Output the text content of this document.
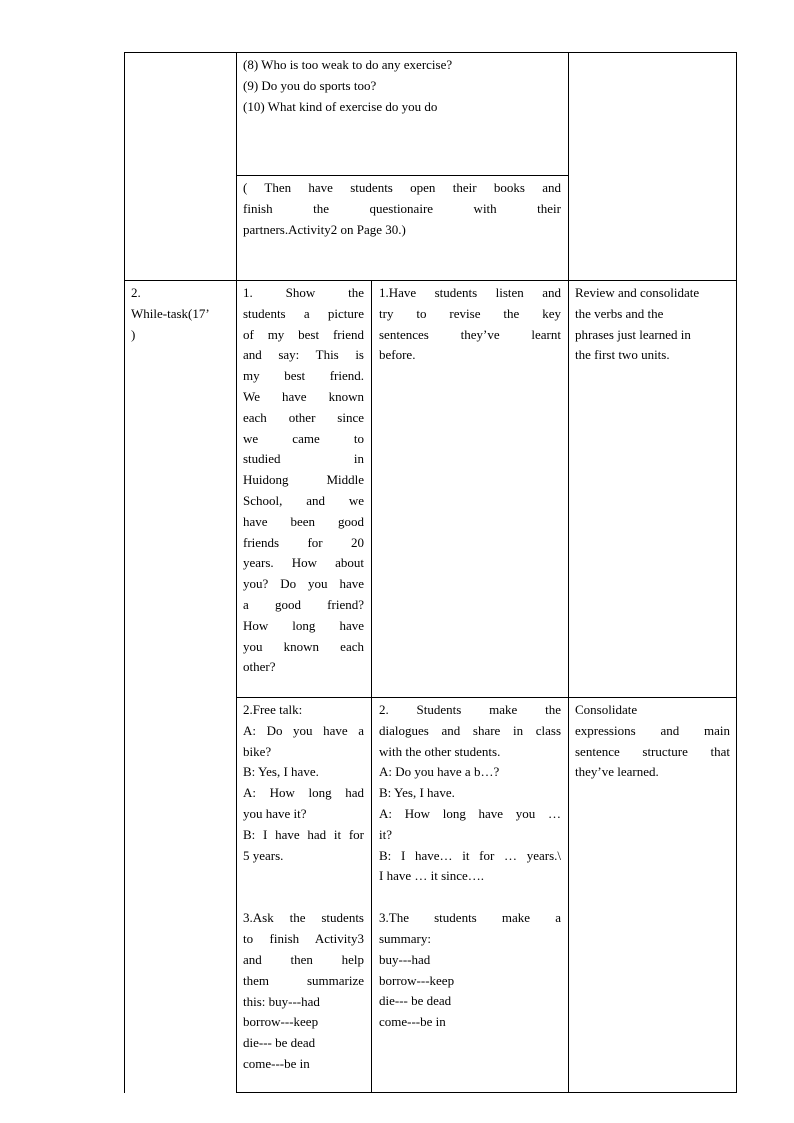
(8) Who is too weak to do any exercise?
(9) Do you do sports too?
(10) What kind of exercise do you do
( Then have students open their books and
finish the questionaire with their
partners.Activity2 on Page 30.)
2.
While-task(17’
)
1. Show the
students a picture
of my best friend
and say: This is
my best friend.
We have known
each other since
we came to
studied in
Huidong Middle
School, and we
have been good
friends for 20
years. How about
you? Do you have
a good friend?
How long have
you known each
other?
1.Have students listen and
try to revise the key
sentences they’ve learnt
before.
Review and consolidate
the verbs and the
phrases just learned in
the first two units.
2.Free talk:
A: Do you have a
bike?
B: Yes, I have.
A: How long had
you have it?
B: I have had it for
5 years.
3.Ask the students
to finish Activity3
and then help
them summarize
this: buy---had
borrow---keep
die--- be dead
come---be in
2. Students make the
dialogues and share in class
with the other students.
A: Do you have a b…?
B: Yes, I have.
A: How long have you …
it?
B: I have… it for … years.\
I have … it since….
3.The students make a
summary:
buy---had
borrow---keep
die--- be dead
come---be in
Consolidate
expressions and main
sentence structure that
they’ve learned.
